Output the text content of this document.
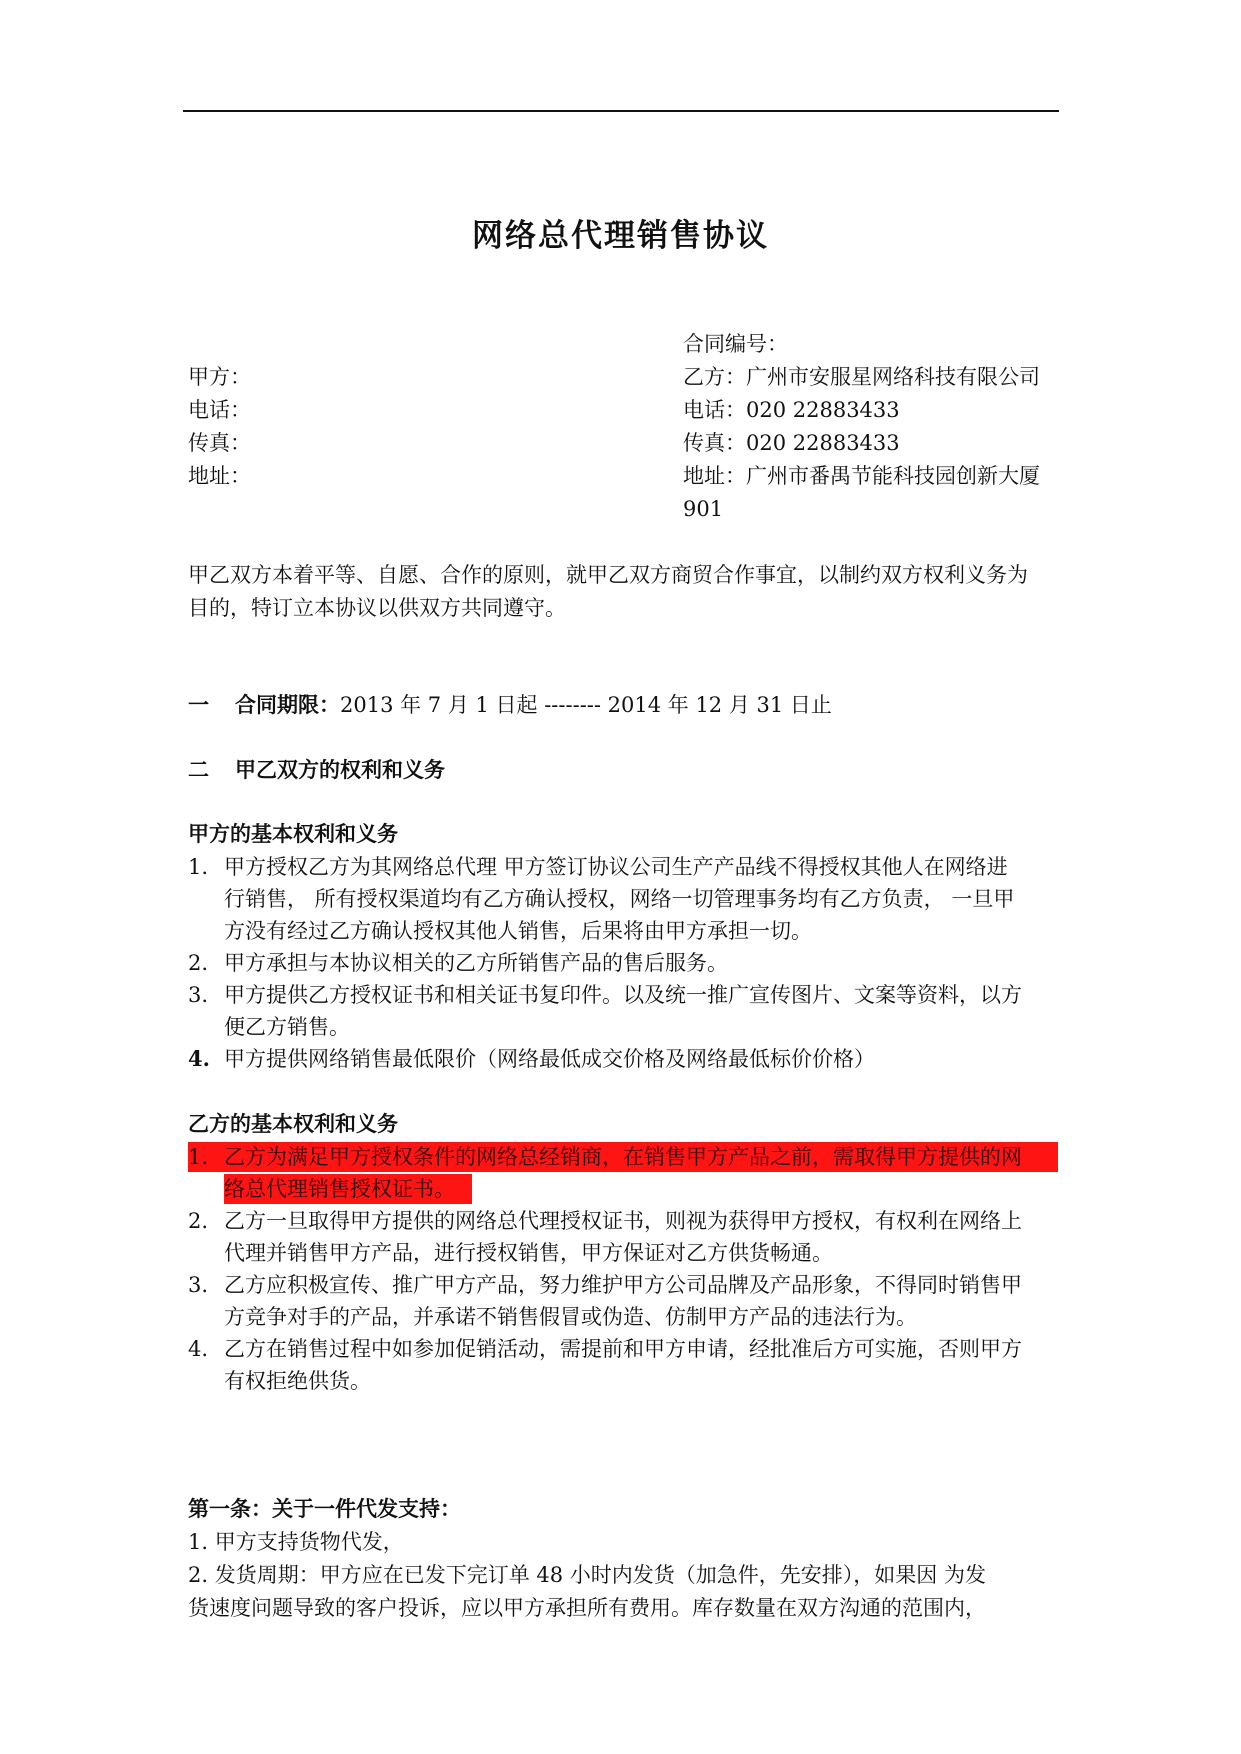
网络总代理销售协议
合同编号：
甲方：
电话：
传真：
地址：
乙方：广州市安服星网络科技有限公司
电话：020 22883433
传真：020 22883433
地址：广州市番禺节能科技园创新大厦
901
甲乙双方本着平等、自愿、合作的原则，就甲乙双方商贸合作事宜，以制约双方权利义务为
目的，特订立本协议以供双方共同遵守。
一 合同期限：2013 年 7 月 1 日起 -------- 2014 年 12 月 31 日止
二 甲乙双方的权利和义务
甲方的基本权利和义务
1. 甲方授权乙方为其网络总代理 甲方签订协议公司生产产品线不得授权其他人在网络进
行销售， 所有授权渠道均有乙方确认授权，网络一切管理事务均有乙方负责， 一旦甲
方没有经过乙方确认授权其他人销售，后果将由甲方承担一切。
2. 甲方承担与本协议相关的乙方所销售产品的售后服务。
3. 甲方提供乙方授权证书和相关证书复印件。以及统一推广宣传图片、文案等资料，以方
便乙方销售。
4. 甲方提供网络销售最低限价（网络最低成交价格及网络最低标价价格）
乙方的基本权利和义务
1. 乙方为满足甲方授权条件的网络总经销商，在销售甲方产品之前，需取得甲方提供的网
络总代理销售授权证书。
2. 乙方一旦取得甲方提供的网络总代理授权证书，则视为获得甲方授权，有权利在网络上
代理并销售甲方产品，进行授权销售，甲方保证对乙方供货畅通。
3. 乙方应积极宣传、推广甲方产品，努力维护甲方公司品牌及产品形象，不得同时销售甲
方竞争对手的产品，并承诺不销售假冒或伪造、仿制甲方产品的违法行为。
4. 乙方在销售过程中如参加促销活动，需提前和甲方申请，经批准后方可实施，否则甲方
有权拒绝供货。
第一条：关于一件代发支持：
1. 甲方支持货物代发，
2. 发货周期：甲方应在已发下完订单 48 小时内发货（加急件，先安排），如果因 为发
货速度问题导致的客户投诉，应以甲方承担所有费用。库存数量在双方沟通的范围内，
